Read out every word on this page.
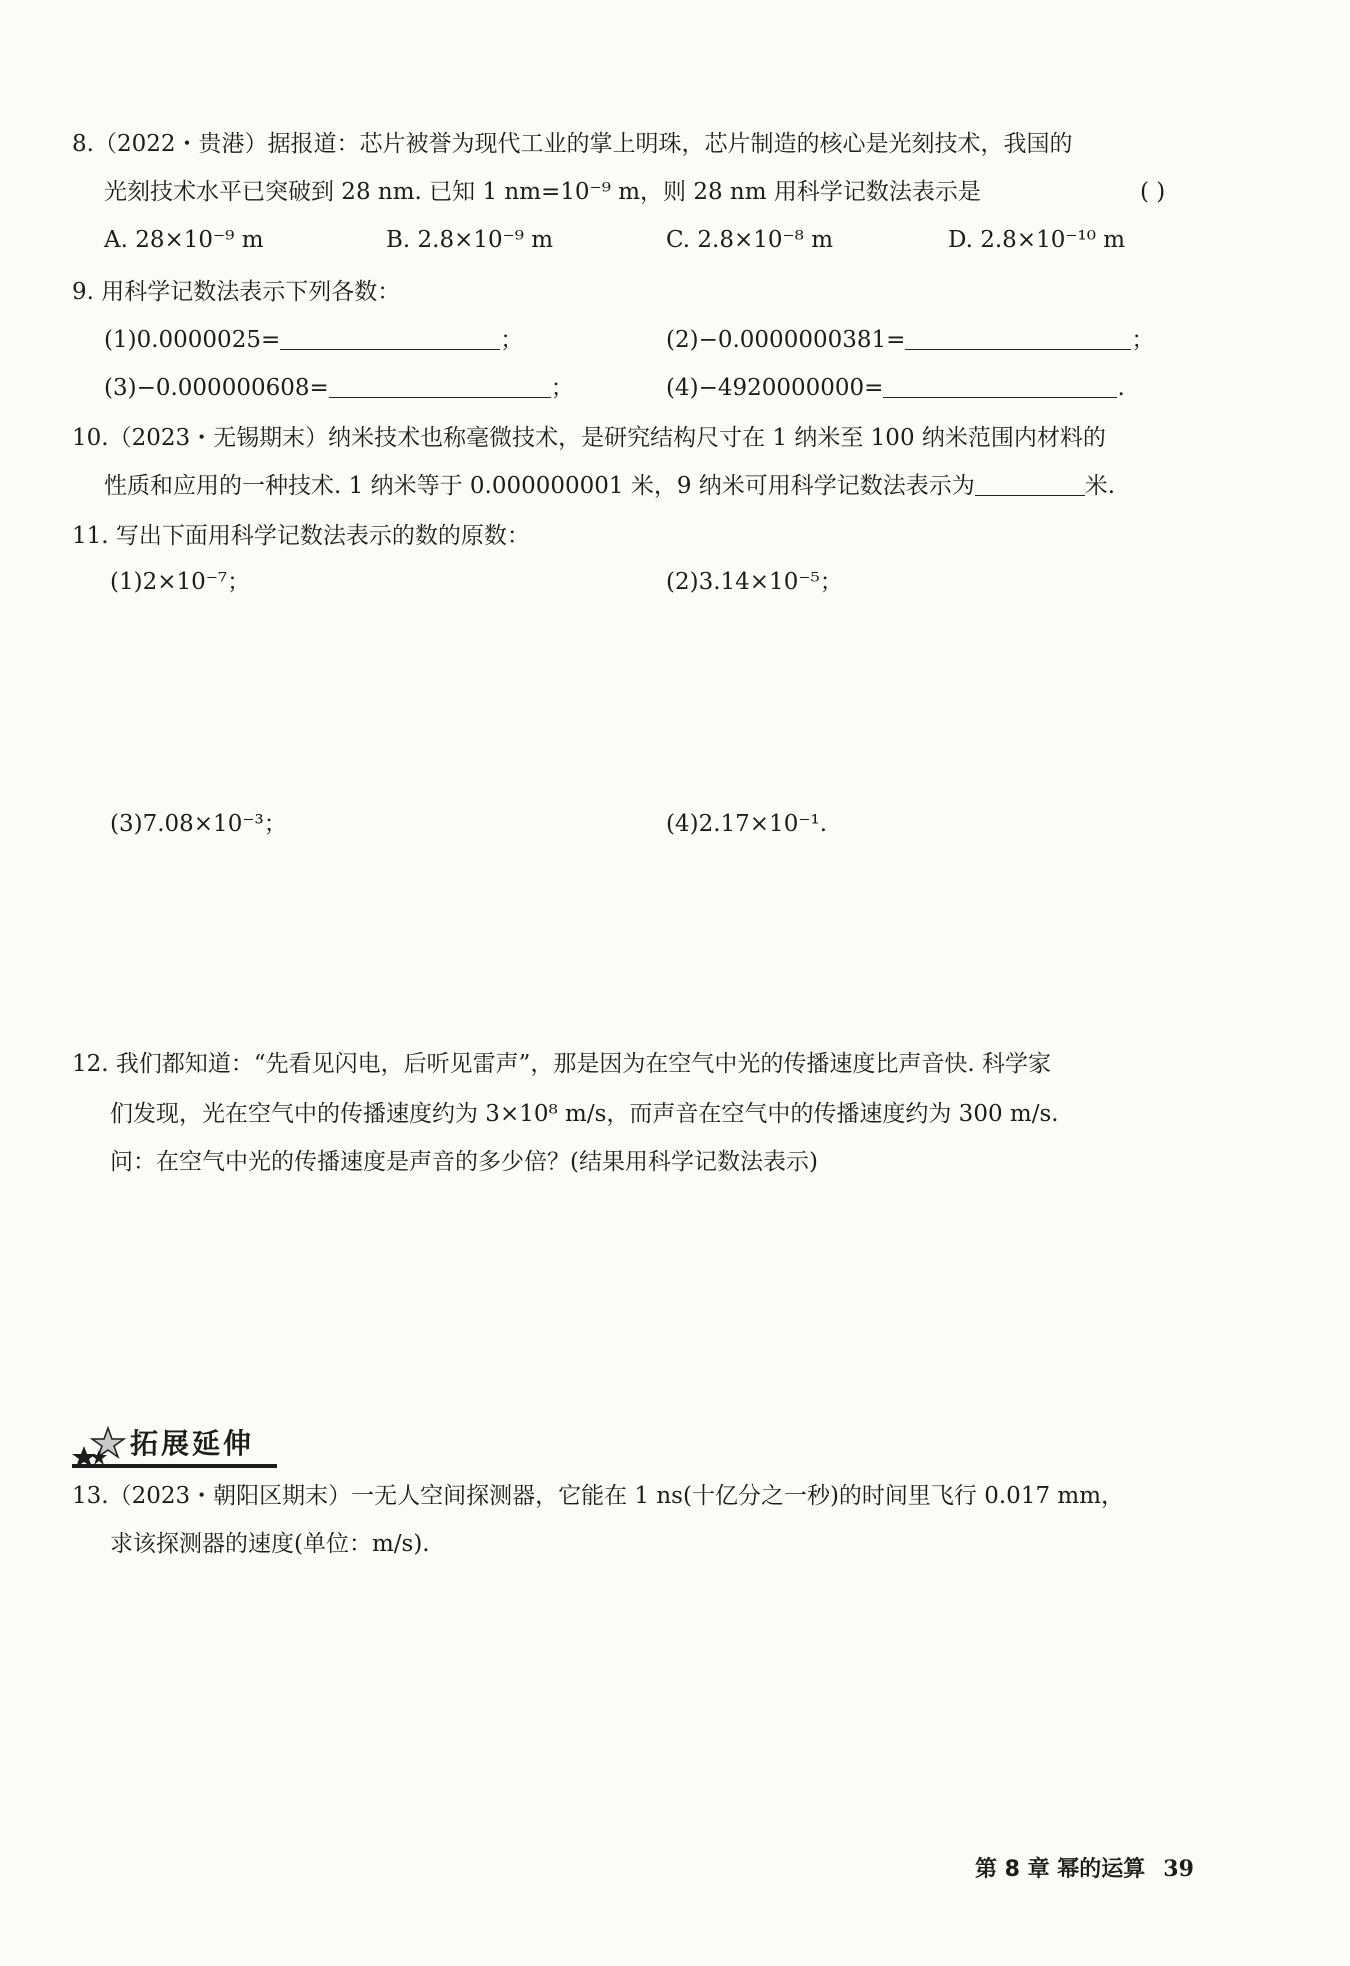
8.（2022・贵港）据报道：芯片被誉为现代工业的掌上明珠，芯片制造的核心是光刻技术，我国的
光刻技术水平已突破到 28 nm. 已知 1 nm=10⁻⁹ m，则 28 nm 用科学记数法表示是	( )
A. 28×10⁻⁹ m	B. 2.8×10⁻⁹ m	C. 2.8×10⁻⁸ m	D. 2.8×10⁻¹⁰ m
9. 用科学记数法表示下列各数：
(1)0.0000025=	；	(2)−0.0000000381=	；
(3)−0.000000608=	；	(4)−4920000000=	.
10.（2023・无锡期末）纳米技术也称毫微技术，是研究结构尺寸在 1 纳米至 100 纳米范围内材料的
性质和应用的一种技术. 1 纳米等于 0.000000001 米，9 纳米可用科学记数法表示为	米.
11. 写出下面用科学记数法表示的数的原数：
(1)2×10⁻⁷；	(2)3.14×10⁻⁵；
(3)7.08×10⁻³；	(4)2.17×10⁻¹.
12. 我们都知道：“先看见闪电，后听见雷声”，那是因为在空气中光的传播速度比声音快. 科学家
们发现，光在空气中的传播速度约为 3×10⁸ m/s，而声音在空气中的传播速度约为 300 m/s.
问：在空气中光的传播速度是声音的多少倍？(结果用科学记数法表示)
拓展延伸
13.（2023・朝阳区期末）一无人空间探测器，它能在 1 ns(十亿分之一秒)的时间里飞行 0.017 mm，
求该探测器的速度(单位：m/s).
第 8 章 幂的运算 39
